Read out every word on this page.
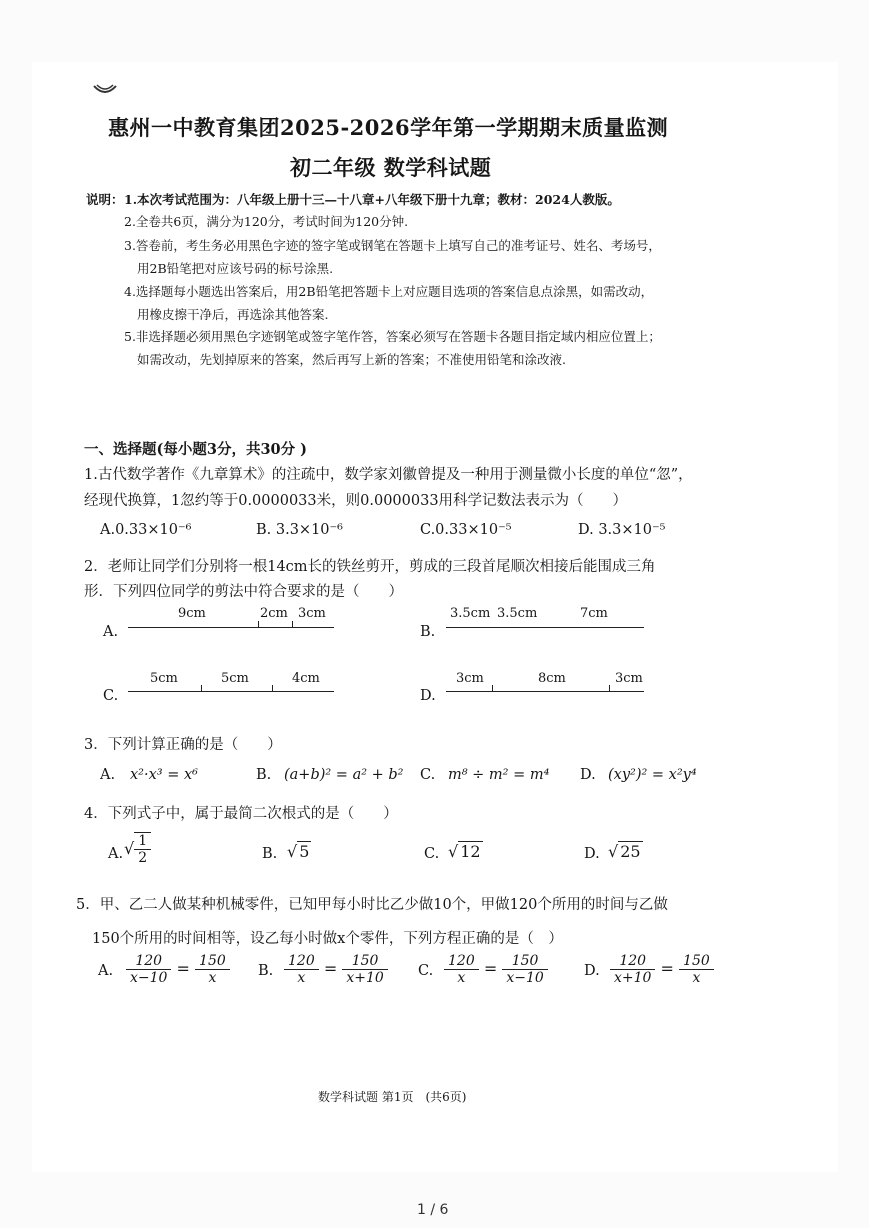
惠州一中教育集团2025-2026学年第一学期期末质量监测
初二年级 数学科试题
说明： 1.本次考试范围为：八年级上册十三—十八章+八年级下册十九章；教材：2024人教版。
2.全卷共6页，满分为120分，考试时间为120分钟.
3.答卷前，考生务必用黑色字迹的签字笔或钢笔在答题卡上填写自己的准考证号、姓名、考场号，
用2B铅笔把对应该号码的标号涂黑.
4.选择题每小题选出答案后，用2B铅笔把答题卡上对应题目选项的答案信息点涂黑，如需改动，
用橡皮擦干净后，再选涂其他答案.
5.非选择题必须用黑色字迹钢笔或签字笔作答，答案必须写在答题卡各题目指定域内相应位置上；
如需改动，先划掉原来的答案，然后再写上新的答案；不准使用铅笔和涂改液.
一、选择题(每小题3分，共30分 )
1.古代数学著作《九章算术》的注疏中，数学家刘徽曾提及一种用于测量微小长度的单位“忽”，
经现代换算，1忽约等于0.0000033米，则0.0000033用科学记数法表示为（　　）
A.0.33×10⁻⁶	B. 3.3×10⁻⁶	C.0.33×10⁻⁵	D. 3.3×10⁻⁵
2．老师让同学们分别将一根14cm长的铁丝剪开，剪成的三段首尾顺次相接后能围成三角
形．下列四位同学的剪法中符合要求的是（　　）
A.
9cm	2cm 3cm
B.
3.5cm 3.5cm	7cm
C.
5cm	5cm	4cm
D.
3cm	8cm	3cm
3．下列计算正确的是（　　）
A. x²·x³ = x⁶	B. (a+b)² = a² + b² C. m⁸ ÷ m² = m⁴ D. (xy²)² = x²y⁴
4．下列式子中，属于最简二次根式的是（　　）
A. √ $\frac{1}{2}$	B. √ 5	C. √ 12	D. √ 25
5．甲、乙二人做某种机械零件，已知甲每小时比乙少做10个，甲做120个所用的时间与乙做
150个所用的时间相等，设乙每小时做x个零件，下列方程正确的是（　）
A. $\frac{120}{x-10} = \frac{150}{x} B$. $\frac{120}{x} = \frac{150}{x+10} C$. $\frac{120}{x} = \frac{150}{x-10} D$. $\frac{120}{x+10} = \frac{150}{x}$
数学科试题 第1页　(共6页)
1 / 6
